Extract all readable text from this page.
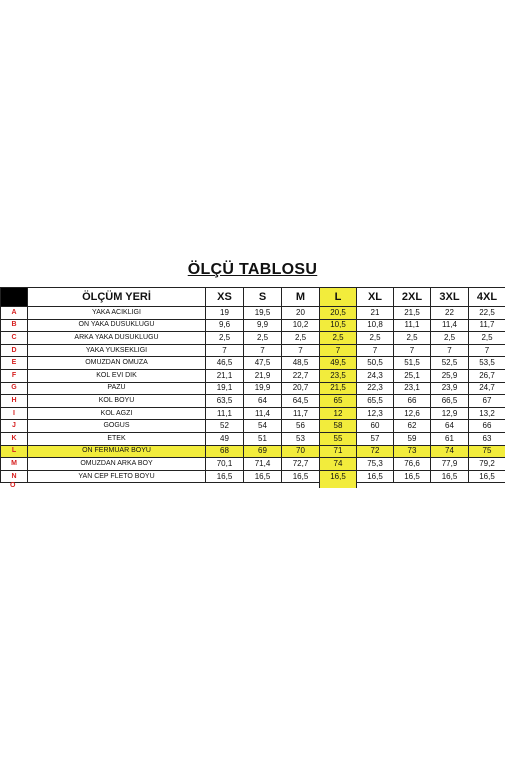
ÖLÇÜ TABLOSU
	ÖLÇÜM YERİ	XS	S	M	L	XL	2XL	3XL	4XL
A	YAKA ACIKLIGI	19	19,5	20	20,5	21	21,5	22	22,5
B	ON YAKA DUSUKLUGU	9,6	9,9	10,2	10,5	10,8	11,1	11,4	11,7
C	ARKA YAKA DUSUKLUGU	2,5	2,5	2,5	2,5	2,5	2,5	2,5	2,5
D	YAKA YUKSEKLIGI	7	7	7	7	7	7	7	7
E	OMUZDAN OMUZA	46,5	47,5	48,5	49,5	50,5	51,5	52,5	53,5
F	KOL EVI DIK	21,1	21,9	22,7	23,5	24,3	25,1	25,9	26,7
G	PAZU	19,1	19,9	20,7	21,5	22,3	23,1	23,9	24,7
H	KOL BOYU	63,5	64	64,5	65	65,5	66	66,5	67
I	KOL AGZI	11,1	11,4	11,7	12	12,3	12,6	12,9	13,2
J	GOGUS	52	54	56	58	60	62	64	66
K	ETEK	49	51	53	55	57	59	61	63
L	ON FERMUAR BOYU	68	69	70	71	72	73	74	75
M	OMUZDAN ARKA BOY	70,1	71,4	72,7	74	75,3	76,6	77,9	79,2
N	YAN CEP FLETO BOYU	16,5	16,5	16,5	16,5	16,5	16,5	16,5	16,5
O
